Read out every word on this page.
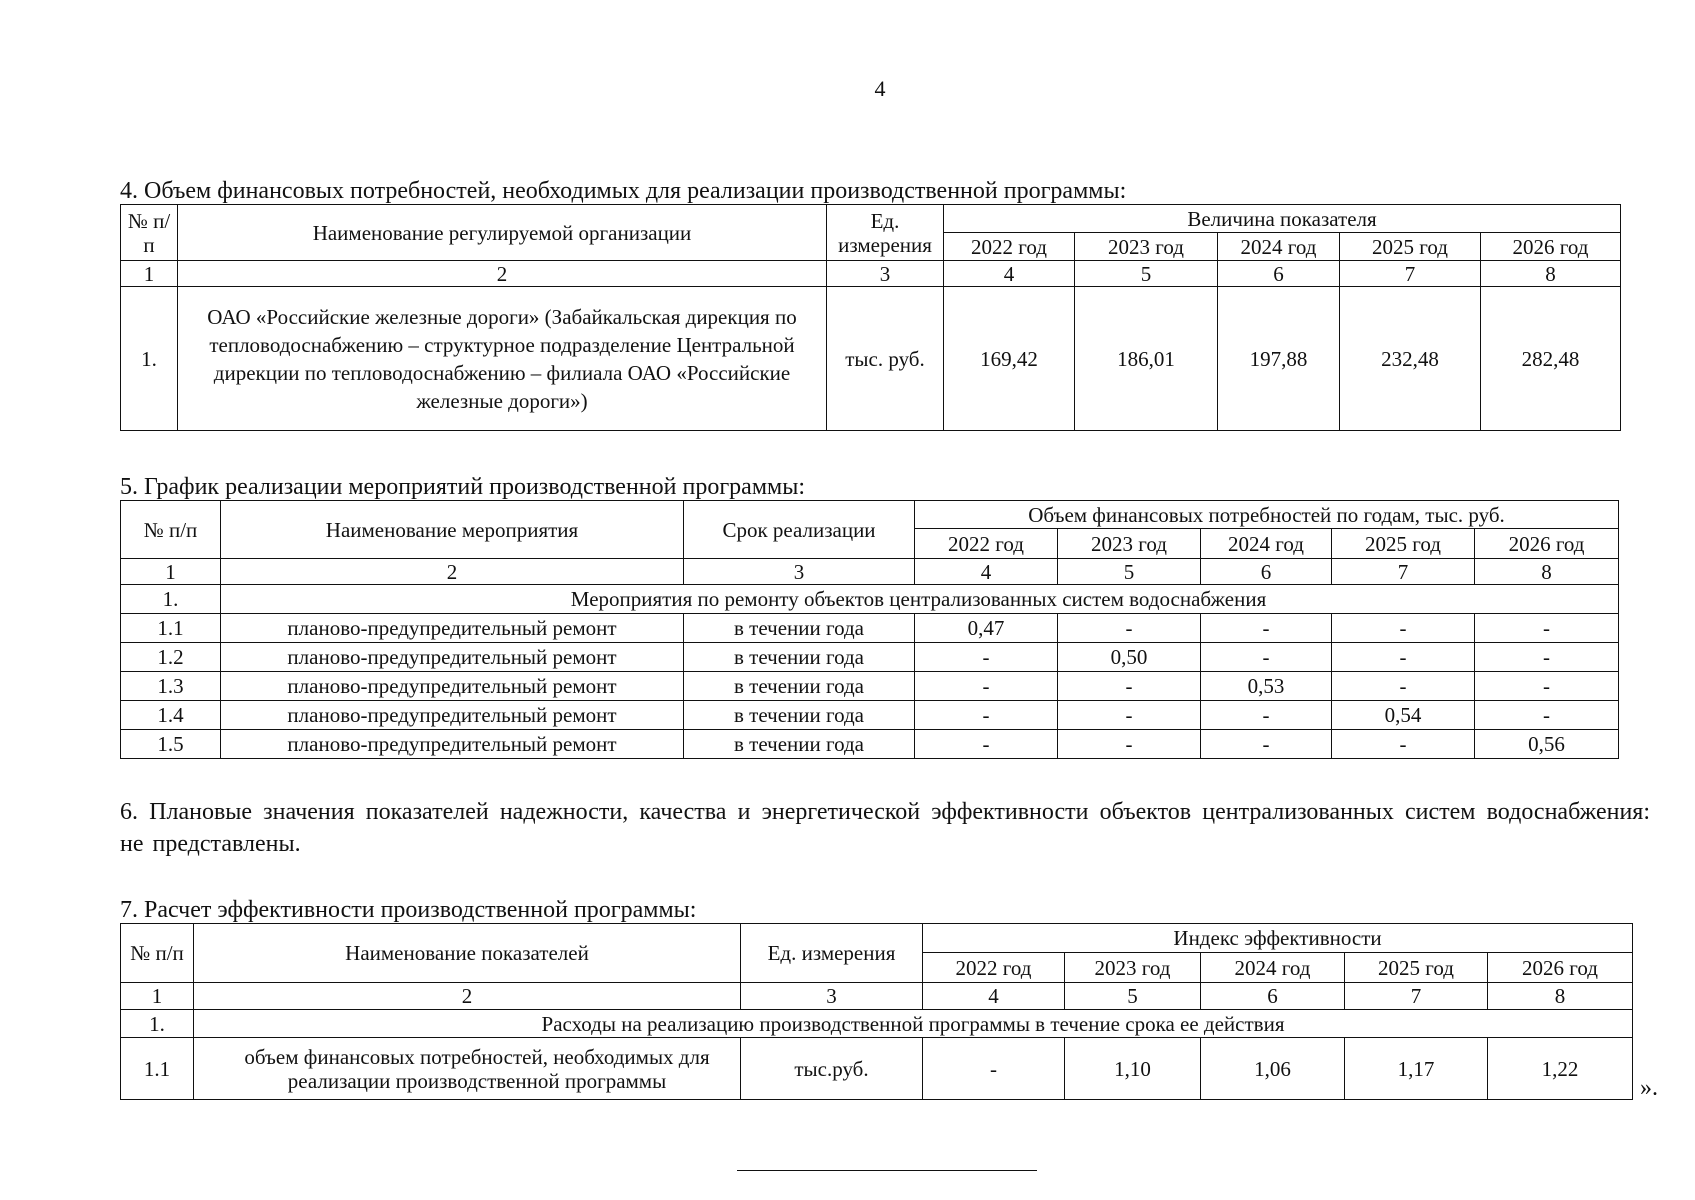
4
4. Объем финансовых потребностей, необходимых для реализации производственной программы:
№ п/п	Наименование регулируемой организации	Ед. измерения	Величина показателя				
			2022 год	2023 год	2024 год	2025 год	2026 год
1	2	3	4	5	6	7	8
1.	ОАО «Российские железные дороги» (Забайкальская дирекция по тепловодоснабжению – структурное подразделение Центральной дирекции по тепловодоснабжению – филиала ОАО «Российские железные дороги»)	тыс. руб.	169,42	186,01	197,88	232,48	282,48
5. График реализации мероприятий производственной программы:
№ п/п	Наименование мероприятия	Срок реализации	Объем финансовых потребностей по годам, тыс. руб.				
			2022 год	2023 год	2024 год	2025 год	2026 год
1	2	3	4	5	6	7	8
1.	Мероприятия по ремонту объектов централизованных систем водоснабжения						
1.1	планово-предупредительный ремонт	в течении года	0,47	-	-	-	-
1.2	планово-предупредительный ремонт	в течении года	-	0,50	-	-	-
1.3	планово-предупредительный ремонт	в течении года	-	-	0,53	-	-
1.4	планово-предупредительный ремонт	в течении года	-	-	-	0,54	-
1.5	планово-предупредительный ремонт	в течении года	-	-	-	-	0,56
6. Плановые значения показателей надежности, качества и энергетической эффективности объектов централизованных систем водоснабжения: не представлены.
7. Расчет эффективности производственной программы:
№ п/п	Наименование показателей	Ед. измерения	Индекс эффективности				
			2022 год	2023 год	2024 год	2025 год	2026 год
1	2	3	4	5	6	7	8
1.	Расходы на реализацию производственной программы в течение срока ее действия						
1.1	объем финансовых потребностей, необходимых для реализации производственной программы	тыс.руб.	-	1,10	1,06	1,17	1,22
».
